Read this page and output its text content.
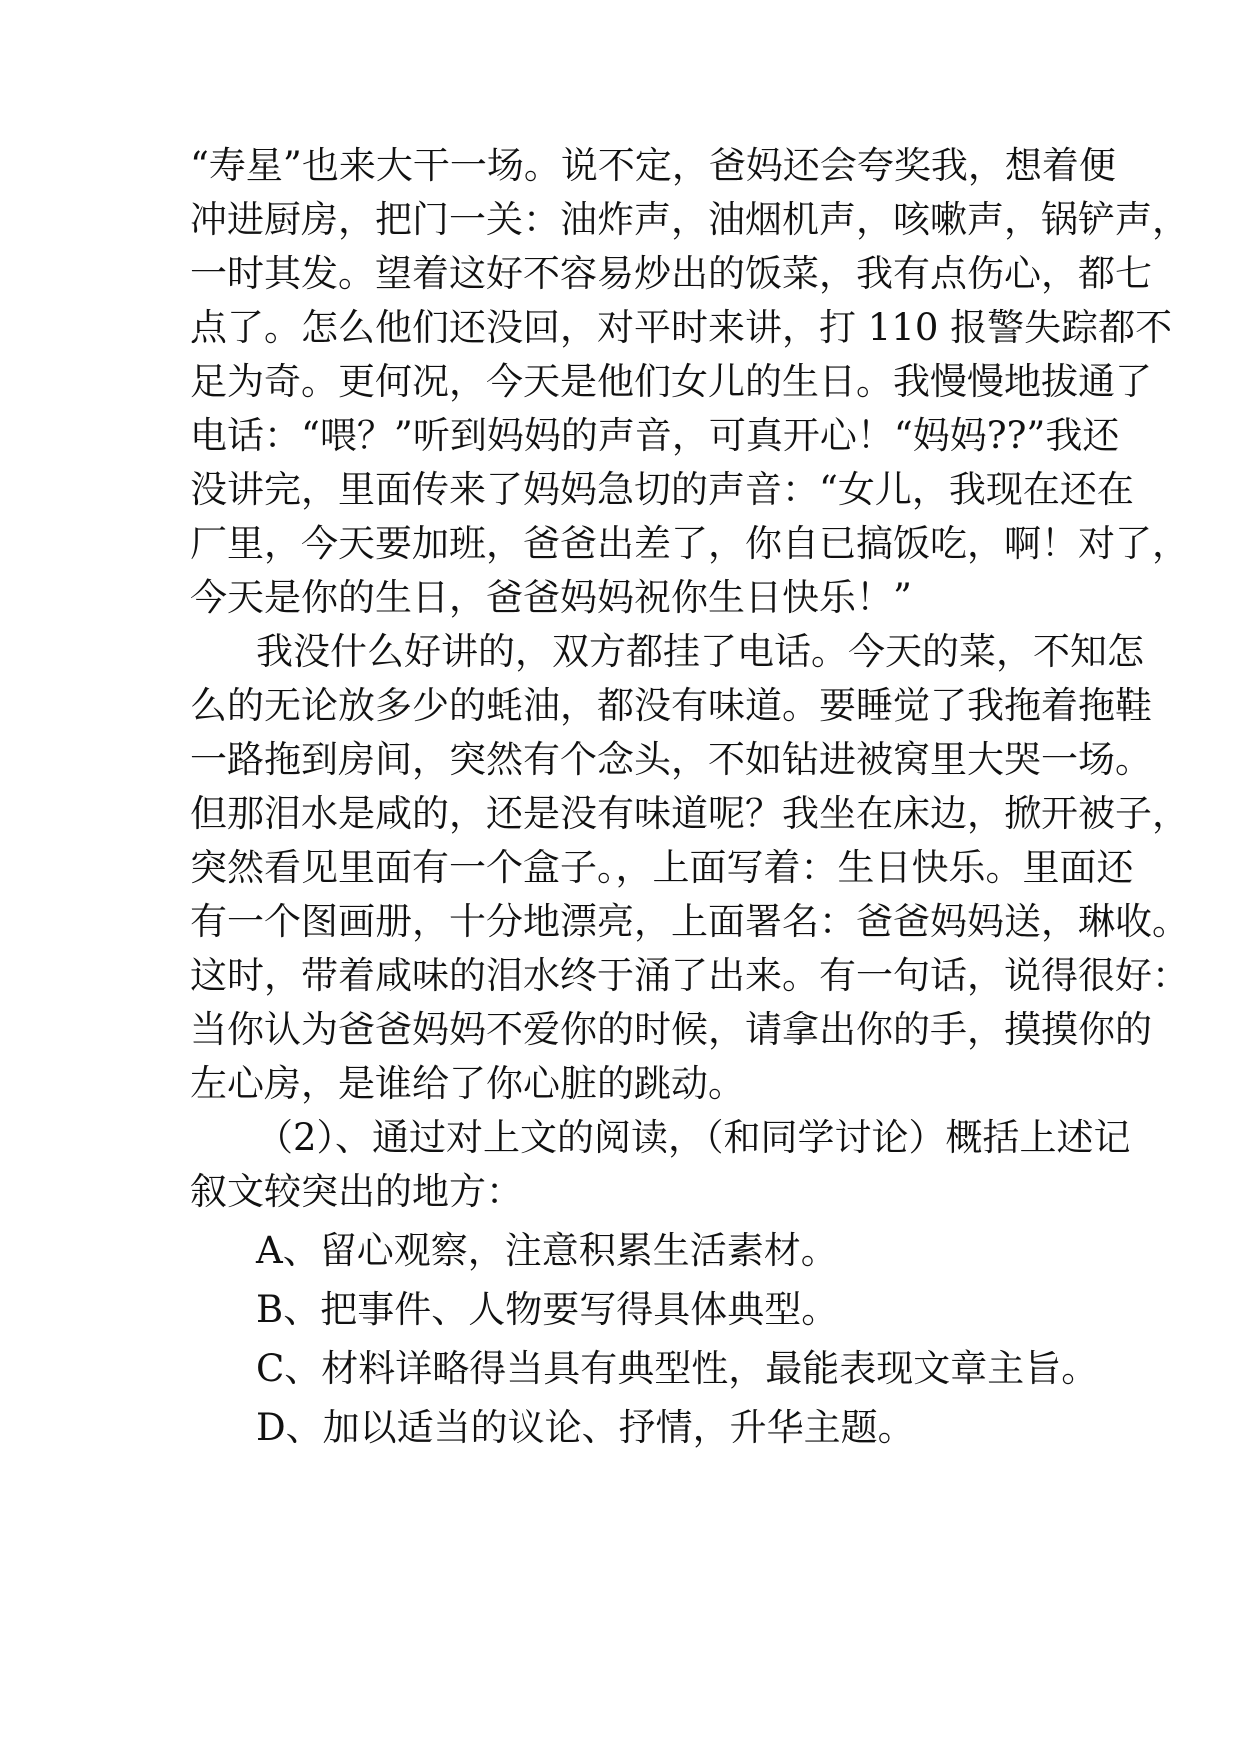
“寿星”也来大干一场。说不定，爸妈还会夸奖我，想着便
冲进厨房，把门一关：油炸声，油烟机声，咳嗽声，锅铲声，
一时其发。望着这好不容易炒出的饭菜，我有点伤心，都七
点了。怎么他们还没回，对平时来讲，打 110 报警失踪都不
足为奇。更何况，今天是他们女儿的生日。我慢慢地拔通了
电话：“喂？”听到妈妈的声音，可真开心！“妈妈??”我还
没讲完，里面传来了妈妈急切的声音：“女儿，我现在还在
厂里，今天要加班，爸爸出差了，你自已搞饭吃，啊！对了，
今天是你的生日，爸爸妈妈祝你生日快乐！”
我没什么好讲的，双方都挂了电话。今天的菜，不知怎
么的无论放多少的蚝油，都没有味道。要睡觉了我拖着拖鞋
一路拖到房间，突然有个念头，不如钻进被窝里大哭一场。
但那泪水是咸的，还是没有味道呢？我坐在床边，掀开被子，
突然看见里面有一个盒子。，上面写着：生日快乐。里面还
有一个图画册，十分地漂亮，上面署名：爸爸妈妈送，琳收。
这时，带着咸味的泪水终于涌了出来。有一句话，说得很好：
当你认为爸爸妈妈不爱你的时候，请拿出你的手，摸摸你的
左心房，是谁给了你心脏的跳动。
（2）、通过对上文的阅读，（和同学讨论）概括上述记
叙文较突出的地方：
A、留心观察，注意积累生活素材。
B、把事件、人物要写得具体典型。
C、材料详略得当具有典型性，最能表现文章主旨。
D、加以适当的议论、抒情，升华主题。
